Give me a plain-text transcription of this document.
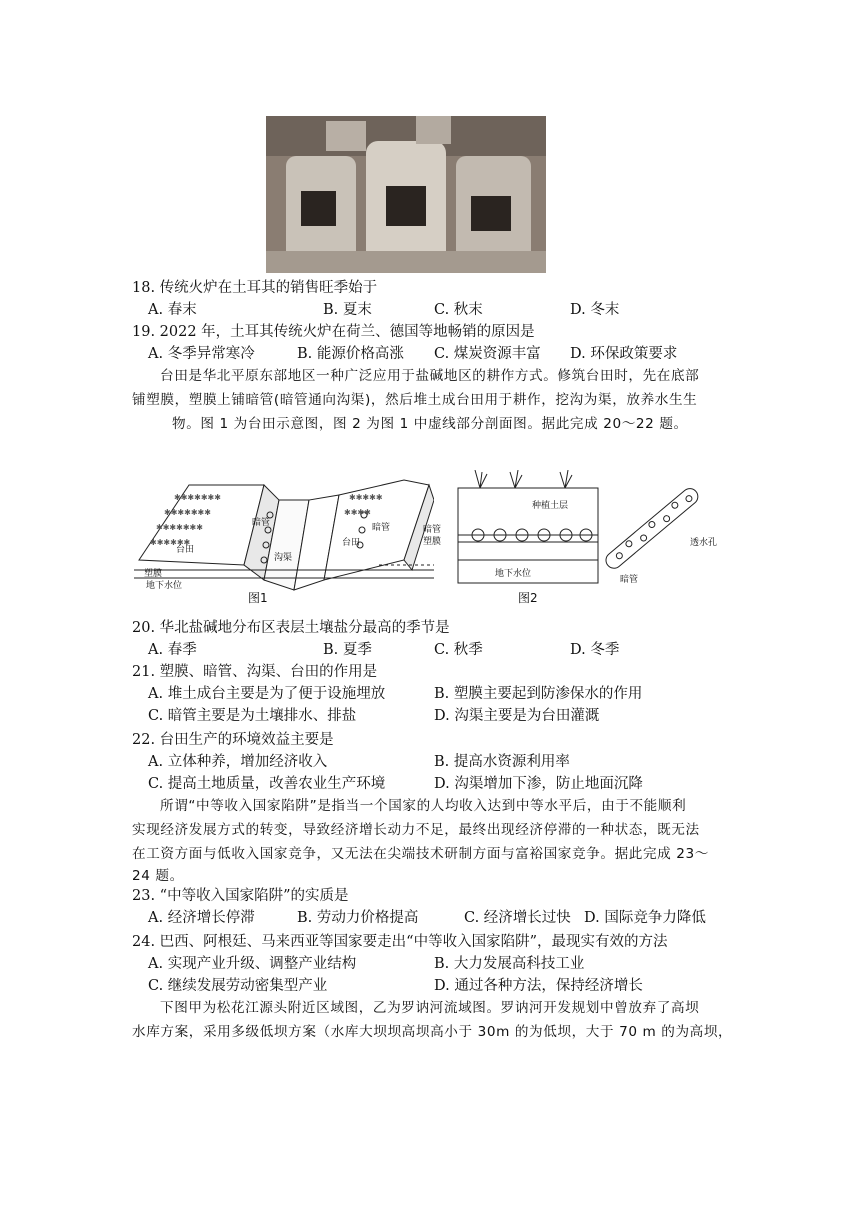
18. 传统火炉在土耳其的销售旺季始于
A. 春末	B. 夏末	C. 秋末	D. 冬末
19. 2022 年，土耳其传统火炉在荷兰、德国等地畅销的原因是
A. 冬季异常寒冷	B. 能源价格高涨 C. 煤炭资源丰富 D. 环保政策要求
台田是华北平原东部地区一种广泛应用于盐碱地区的耕作方式。修筑台田时，先在底部
铺塑膜，塑膜上铺暗管(暗管通向沟渠)，然后堆土成台田用于耕作，挖沟为渠，放养水生生
物。图 1 为台田示意图，图 2 为图 1 中虚线部分剖面图。据此完成 20～22 题。
✱✱✱✱✱✱✱
✱✱✱✱✱✱✱
✱✱✱✱✱✱✱
✱✱✱✱✱✱
✱✱✱✱✱
✱✱✱✱
台田
台田
沟渠
暗管	暗管
塑膜
地下水位
图1
种植土层
暗管
塑膜
地下水位
透水孔
暗管
图2
20. 华北盐碱地分布区表层土壤盐分最高的季节是
A. 春季	B. 夏季	C. 秋季	D. 冬季
21. 塑膜、暗管、沟渠、台田的作用是
A. 堆土成台主要是为了便于设施埋放	B. 塑膜主要起到防渗保水的作用
C. 暗管主要是为土壤排水、排盐	D. 沟渠主要是为台田灌溉
22. 台田生产的环境效益主要是
A. 立体种养，增加经济收入	B. 提高水资源利用率
C. 提高土地质量，改善农业生产环境	D. 沟渠增加下渗，防止地面沉降
所谓“中等收入国家陷阱”是指当一个国家的人均收入达到中等水平后，由于不能顺利
实现经济发展方式的转变，导致经济增长动力不足，最终出现经济停滞的一种状态，既无法
在工资方面与低收入国家竞争，又无法在尖端技术研制方面与富裕国家竞争。据此完成 23～
24 题。
23. “中等收入国家陷阱”的实质是
A. 经济增长停滞	B. 劳动力价格提高	C. 经济增长过快 D. 国际竞争力降低
24. 巴西、阿根廷、马来西亚等国家要走出“中等收入国家陷阱”，最现实有效的方法
A. 实现产业升级、调整产业结构	B. 大力发展高科技工业
C. 继续发展劳动密集型产业	D. 通过各种方法，保持经济增长
下图甲为松花江源头附近区域图，乙为罗讷河流域图。罗讷河开发规划中曾放弃了高坝
水库方案，采用多级低坝方案（水库大坝坝高坝高小于 30m 的为低坝，大于 70 m 的为高坝，
